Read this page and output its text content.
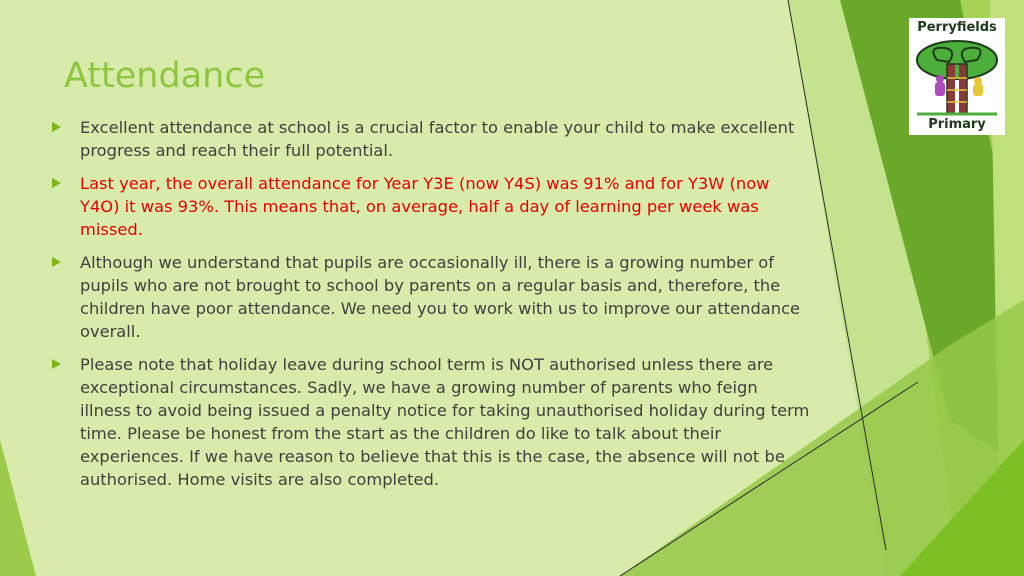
Attendance
Excellent attendance at school is a crucial factor to enable your child to make excellent progress and reach their full potential.
Last year, the overall attendance for Year Y3E (now Y4S) was 91% and for Y3W (now Y4O) it was 93%. This means that, on average, half a day of learning per week was missed.
Although we understand that pupils are occasionally ill, there is a growing number of pupils who are not brought to school by parents on a regular basis and, therefore, the children have poor attendance. We need you to work with us to improve our attendance overall.
Please note that holiday leave during school term is NOT authorised unless there are exceptional circumstances. Sadly, we have a growing number of parents who feign illness to avoid being issued a penalty notice for taking unauthorised holiday during term time. Please be honest from the start as the children do like to talk about their experiences. If we have reason to believe that this is the case, the absence will not be authorised. Home visits are also completed.
Perryfields
Primary
